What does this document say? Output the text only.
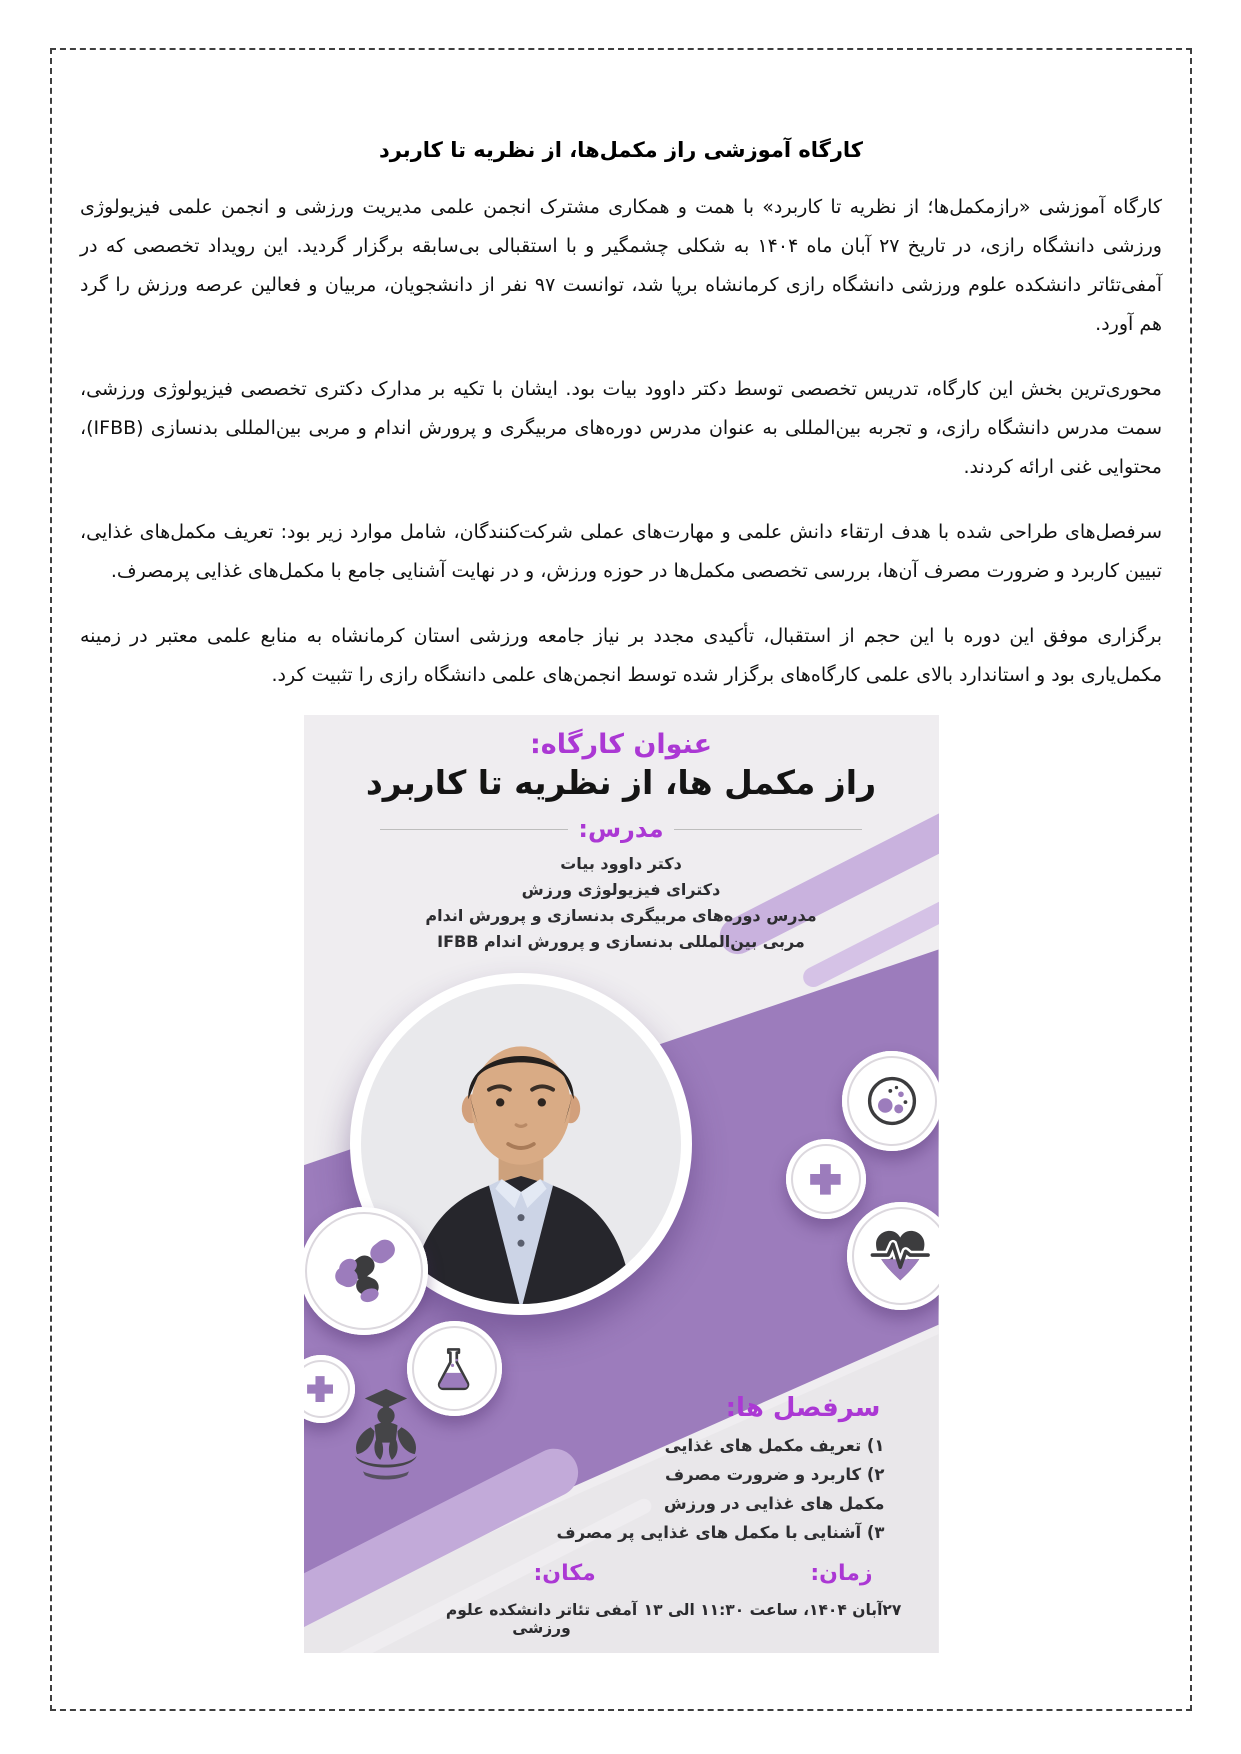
کارگاه آموزشی راز مکمل‌ها، از نظریه تا کاربرد

کارگاه آموزشی «رازمکمل‌ها؛ از نظریه تا کاربرد» با همت و همکاری مشترک انجمن علمی مدیریت ورزشی و انجمن علمی فیزیولوژی ورزشی دانشگاه رازی، در تاریخ ۲۷ آبان ماه ۱۴۰۴ به شکلی چشمگیر و با استقبالی بی‌سابقه برگزار گردید. این رویداد تخصصی که در آمفی‌تئاتر دانشکده علوم ورزشی دانشگاه رازی کرمانشاه برپا شد، توانست ۹۷ نفر از دانشجویان، مربیان و فعالین عرصه ورزش را گرد هم آورد.

محوری‌ترین بخش این کارگاه، تدریس تخصصی توسط دکتر داوود بیات بود. ایشان با تکیه بر مدارک دکتری تخصصی فیزیولوژی ورزشی، سمت مدرس دانشگاه رازی، و تجربه بین‌المللی به عنوان مدرس دوره‌های مربیگری و پرورش اندام و مربی بین‌المللی بدنسازی (IFBB)، محتوایی غنی ارائه کردند.

سرفصل‌های طراحی شده با هدف ارتقاء دانش علمی و مهارت‌های عملی شرکت‌کنندگان، شامل موارد زیر بود: تعریف مکمل‌های غذایی، تبیین کاربرد و ضرورت مصرف آن‌ها، بررسی تخصصی مکمل‌ها در حوزه ورزش، و در نهایت آشنایی جامع با مکمل‌های غذایی پرمصرف.

برگزاری موفق این دوره با این حجم از استقبال، تأکیدی مجدد بر نیاز جامعه ورزشی استان کرمانشاه به منابع علمی معتبر در زمینه مکمل‌یاری بود و استاندارد بالای علمی کارگاه‌های برگزار شده توسط انجمن‌های علمی دانشگاه رازی را تثبیت کرد.

عنوان کارگاه:
راز مکمل ها، از نظریه تا کاربرد
مدرس:
دکتر داوود بیات
دکترای فیزیولوژی ورزش
مدرس دوره‌های مربیگری بدنسازی و پرورش اندام
مربی بین‌المللی بدنسازی و پرورش اندام IFBB
سرفصل ها:
۱) تعریف مکمل های غذایی
۲) کاربرد و ضرورت مصرف
مکمل های غذایی در ورزش
۳) آشنایی با مکمل های غذایی پر مصرف
زمان:
مکان:
۲۷آبان ۱۴۰۴، ساعت ۱۱:۳۰ الی ۱۳
آمفی تئاتر دانشکده علوم ورزشی
